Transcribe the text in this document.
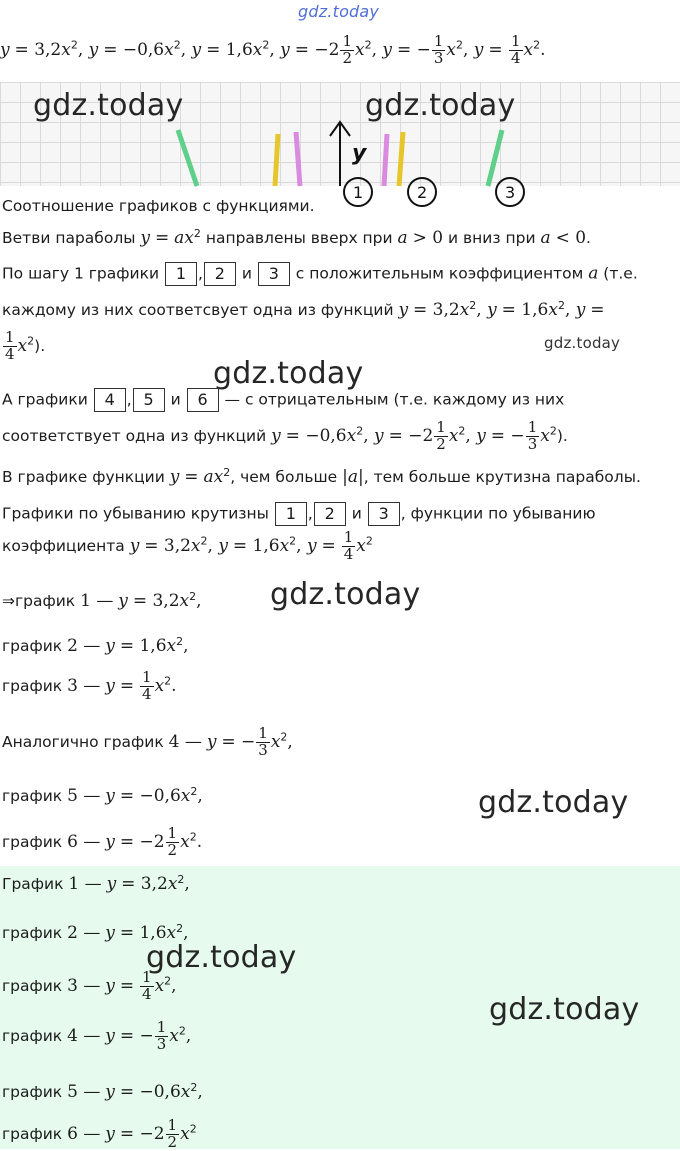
gdz.today
$y = 3,2x^2$, $y = -0,6x^2$, $y = 1,6x^2$, $y = -2 \frac{1}{2} x^2$, y = − $\frac{1}{3} x^2$, $y = \frac{1}{4} x^2$.
y
1	2	3
gdz.today	gdz.today
Соотношение графиков с функциями.
Ветви параболы $y = ax^2$ направлены вверх при a > 0 и вниз при a < 0.
По шагу 1 графики 1 , 2 и 3 с положительным коэффициентом a (т.е.
каждому из них соответсвует одна из функций $y = 3,2x^2$, $y = 1,6x^2$, y =
$\frac{1}{4} x^2$).	gdz.today
gdz.today
А графики 4 , 5 и 6 — с отрицательным (т.е. каждому из них
соответствует одна из функций $y = -0,6x^2$, $y = -2 \frac{1}{2} x^2$, y = − $\frac{1}{3} x^2$).
В графике функции $y = ax^2$, чем больше |a|, тем больше крутизна параболы.
Графики по убыванию крутизны 1 , 2 и 3 , функции по убыванию
коэффициента $y = 3,2x^2$, $y = 1,6x^2$, $y = \frac{1}{4} x^2$
⇒график 1 — $y = 3,2x^2$, gdz.today
график 2 — $y = 1,6x^2$,
график 3 — $y = \frac{1}{4} x^2$.
Аналогично график 4 — y = − $\frac{1}{3} x^2$,
график 5 — $y = -0,6x^2$,	gdz.today
график 6 — $y = -2 \frac{1}{2} x^2$.
График 1 — $y = 3,2x^2$,
график 2 — $y = 1,6x^2$,
график 3 — $y = \frac{1}{4} x^2$,
график 4 — y = − $\frac{1}{3} x^2$,
график 5 — $y = -0,6x^2$,
график 6 — $y = -2 \frac{1}{2} x^2$
gdz.today
gdz.today
